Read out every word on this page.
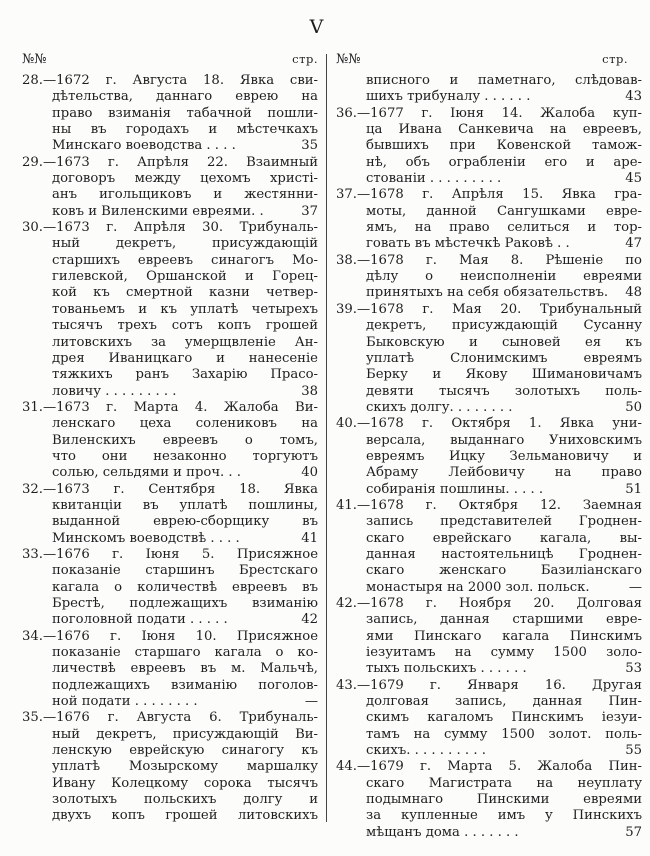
V
№№	стр.
28.—1672 г. Августа 18. Явка сви-
дѣтельства, даннаго еврею на
право взиманія табачной пошли-
ны въ городахъ и мѣстечкахъ
Минскаго воеводства . . . .	35
29.—1673 г. Апрѣля 22. Взаимный
договоръ между цехомъ христі-
анъ игольщиковъ и жестянни-
ковъ и Виленскими евреями. .	37
30.—1673 г. Апрѣля 30. Трибуналь-
ный декретъ, присуждающій
старшихъ евреевъ синагогъ Мо-
гилевской, Оршанской и Горец-
кой къ смертной казни четвер-
тованьемъ и къ уплатѣ четырехъ
тысячъ трехъ сотъ копъ грошей
литовскихъ за умерщвленіе Ан-
дрея Иваницкаго и нанесеніе
тяжкихъ ранъ Захарію Прасо-
ловичу . . . . . . . . .	38
31.—1673 г. Марта 4. Жалоба Ви-
ленскаго цеха солениковъ на
Виленскихъ евреевъ о томъ,
что они незаконно торгуютъ
солью, сельдями и проч. . .	40
32.—1673 г. Сентября 18. Явка
квитанціи въ уплатѣ пошлины,
выданной еврею-сборщику въ
Минскомъ воеводствѣ . . . .	41
33.—1676 г. Іюня 5. Присяжное
показаніе старшинъ Брестскаго
кагала о количествѣ евреевъ въ
Брестѣ, подлежащихъ взиманію
поголовной подати . . . . .	42
34.—1676 г. Іюня 10. Присяжное
показаніе старшаго кагала о ко-
личествѣ евреевъ въ м. Мальчѣ,
подлежащихъ взиманію поголов-
ной подати . . . . . . . .	—
35.—1676 г. Августа 6. Трибуналь-
ный декретъ, присуждающій Ви-
ленскую еврейскую синагогу къ
уплатѣ Мозырскому маршалку
Ивану Колецкому сорока тысячъ
золотыхъ польскихъ долгу и
двухъ копъ грошей литовскихъ
№№	стр.
вписного и паметнаго, слѣдовав-
шихъ трибуналу . . . . . .	43
36.—1677 г. Іюня 14. Жалоба куп-
ца Ивана Санкевича на евреевъ,
бывшихъ при Ковенской тамож-
нѣ, объ ограбленіи его и аре-
стованіи . . . . . . . . .	45
37.—1678 г. Апрѣля 15. Явка гра-
моты, данной Сангушками евре-
ямъ, на право селиться и тор-
говать въ мѣстечкѣ Раковѣ . .	47
38.—1678 г. Мая 8. Рѣшеніе по
дѣлу о неисполненіи евреями
принятыхъ на себя обязательствъ.	48
39.—1678 г. Мая 20. Трибунальный
декретъ, присуждающій Сусанну
Быковскую и сыновей ея къ
уплатѣ Слонимскимъ евреямъ
Берку и Якову Шимановичамъ
девяти тысячъ золотыхъ поль-
скихъ долгу. . . . . . . .	50
40.—1678 г. Октября 1. Явка уни-
версала, выданнаго Униховскимъ
евреямъ Ицку Зельмановичу и
Абраму Лейбовичу на право
собиранія пошлины. . . . .	51
41.—1678 г. Октября 12. Заемная
запись представителей Гроднен-
скаго еврейскаго кагала, вы-
данная настоятельницѣ Гроднен-
скаго женскаго Базиліанскаго
монастыря на 2000 зол. польск.	—
42.—1678 г. Ноября 20. Долговая
запись, данная старшими евре-
ями Пинскаго кагала Пинскимъ
іезуитамъ на сумму 1500 золо-
тыхъ польскихъ . . . . . .	53
43.—1679 г. Января 16. Другая
долговая запись, данная Пин-
скимъ кагаломъ Пинскимъ іезуи-
тамъ на сумму 1500 золот. поль-
скихъ. . . . . . . . . .	55
44.—1679 г. Марта 5. Жалоба Пин-
скаго Магистрата на неуплату
подымнаго Пинскими евреями
за купленные имъ у Пинскихъ
мѣщанъ дома . . . . . . .	57
